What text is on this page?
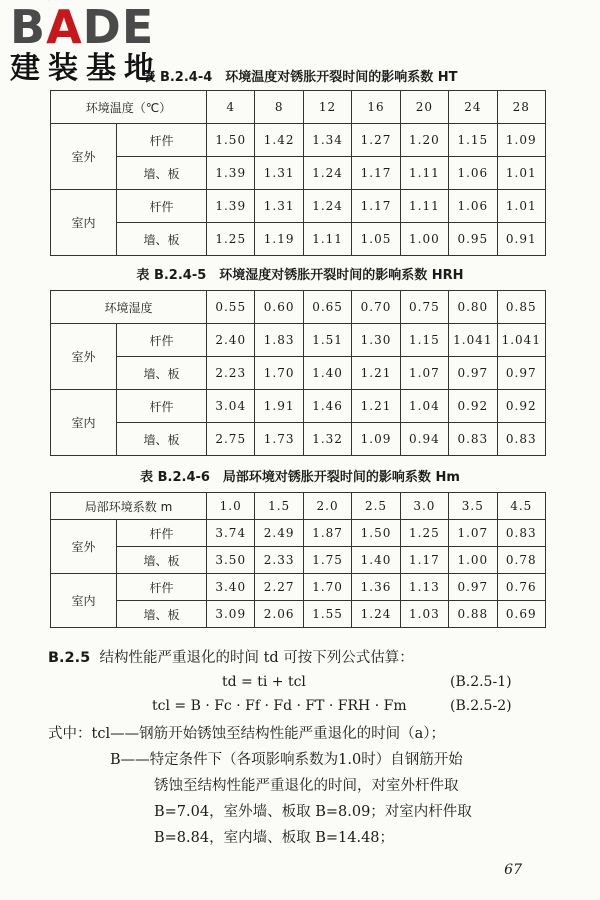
BADE
建装基地
表 B.2.4-4　环境温度对锈胀开裂时间的影响系数 HT
环境温度（℃）		4	8	12	16	20	24	28
室外	杆件	1.50	1.42	1.34	1.27	1.20	1.15	1.09
	墙、板	1.39	1.31	1.24	1.17	1.11	1.06	1.01
室内	杆件	1.39	1.31	1.24	1.17	1.11	1.06	1.01
	墙、板	1.25	1.19	1.11	1.05	1.00	0.95	0.91
表 B.2.4-5　环境湿度对锈胀开裂时间的影响系数 HRH
环境湿度		0.55	0.60	0.65	0.70	0.75	0.80	0.85
室外	杆件	2.40	1.83	1.51	1.30	1.15	1.041	1.041
	墙、板	2.23	1.70	1.40	1.21	1.07	0.97	0.97
室内	杆件	3.04	1.91	1.46	1.21	1.04	0.92	0.92
	墙、板	2.75	1.73	1.32	1.09	0.94	0.83	0.83
表 B.2.4-6　局部环境对锈胀开裂时间的影响系数 Hm
局部环境系数 m		1.0	1.5	2.0	2.5	3.0	3.5	4.5
室外	杆件	3.74	2.49	1.87	1.50	1.25	1.07	0.83
	墙、板	3.50	2.33	1.75	1.40	1.17	1.00	0.78
室内	杆件	3.40	2.27	1.70	1.36	1.13	0.97	0.76
	墙、板	3.09	2.06	1.55	1.24	1.03	0.88	0.69
B.2.5 结构性能严重退化的时间 td 可按下列公式估算：
td = ti + tcl	(B.2.5-1)
tcl = B · Fc · Ff · Fd · FT · FRH · Fm	(B.2.5-2)
式中：tcl——钢筋开始锈蚀至结构性能严重退化的时间（a）；
B——特定条件下（各项影响系数为1.0时）自钢筋开始
锈蚀至结构性能严重退化的时间，对室外杆件取
B=7.04，室外墙、板取 B=8.09；对室内杆件取
B=8.84，室内墙、板取 B=14.48；
67
